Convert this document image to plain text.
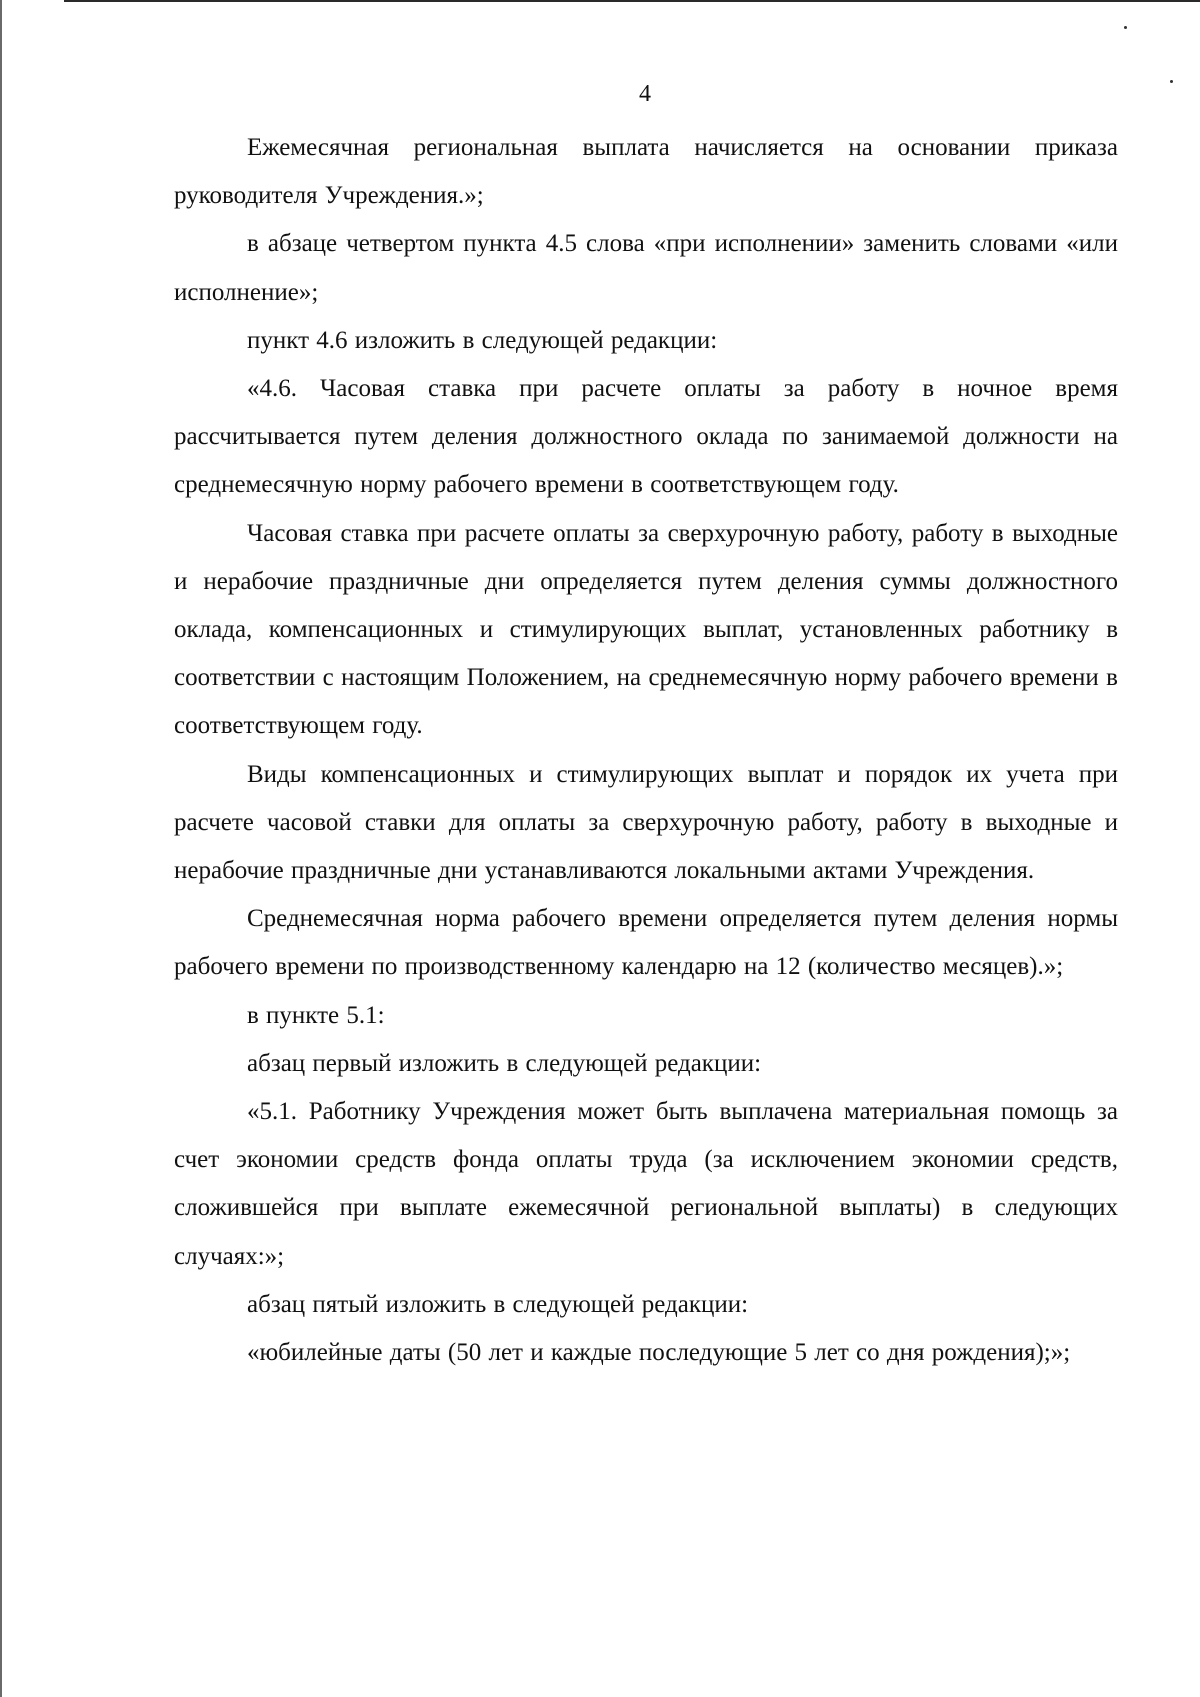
4

Ежемесячная региональная выплата начисляется на основании приказа руководителя Учреждения.»;

в абзаце четвертом пункта 4.5 слова «при исполнении» заменить словами «или исполнение»;

пункт 4.6 изложить в следующей редакции:

«4.6. Часовая ставка при расчете оплаты за работу в ночное время рассчитывается путем деления должностного оклада по занимаемой должности на среднемесячную норму рабочего времени в соответствующем году.

Часовая ставка при расчете оплаты за сверхурочную работу, работу в выходные и нерабочие праздничные дни определяется путем деления суммы должностного оклада, компенсационных и стимулирующих выплат, установленных работнику в соответствии с настоящим Положением, на среднемесячную норму рабочего времени в соответствующем году.

Виды компенсационных и стимулирующих выплат и порядок их учета при расчете часовой ставки для оплаты за сверхурочную работу, работу в выходные и нерабочие праздничные дни устанавливаются локальными актами Учреждения.

Среднемесячная норма рабочего времени определяется путем деления нормы рабочего времени по производственному календарю на 12 (количество месяцев).»;

в пункте 5.1:

абзац первый изложить в следующей редакции:

«5.1. Работнику Учреждения может быть выплачена материальная помощь за счет экономии средств фонда оплаты труда (за исключением экономии средств, сложившейся при выплате ежемесячной региональной выплаты) в следующих случаях:»;

абзац пятый изложить в следующей редакции:

«юбилейные даты (50 лет и каждые последующие 5 лет со дня рождения);»;
